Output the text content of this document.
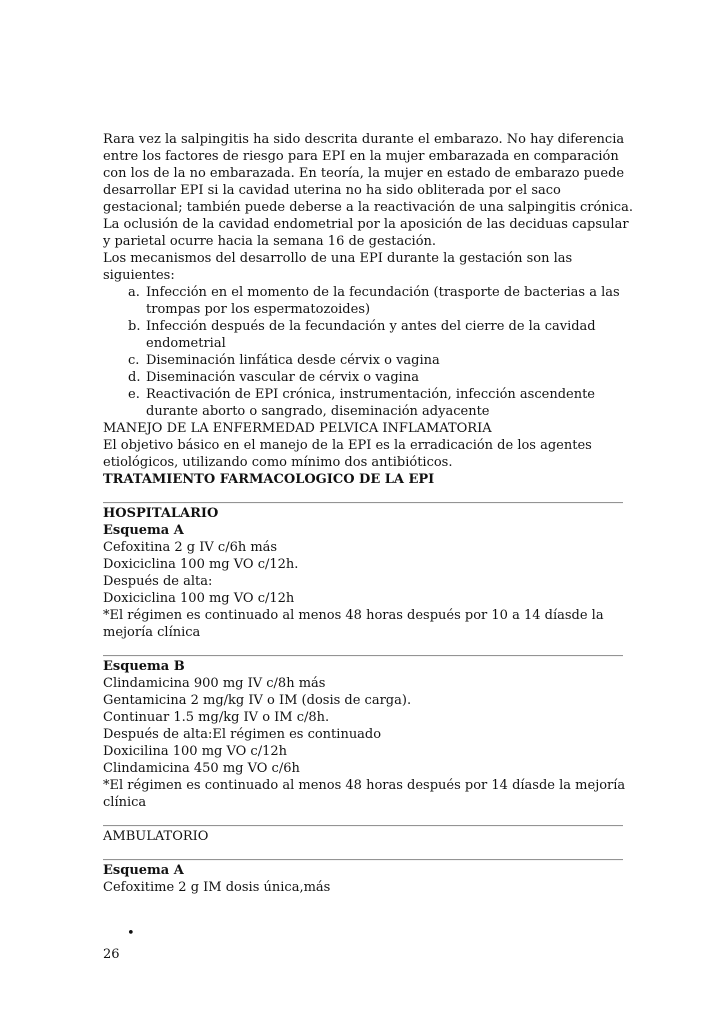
Rara vez la salpingitis ha sido descrita durante el embarazo. No hay diferencia entre los factores de riesgo para EPI en la mujer embarazada en comparación con los de la no embarazada. En teoría, la mujer en estado de embarazo puede desarrollar EPI si la cavidad uterina no ha sido obliterada por el saco gestacional; también puede deberse a la reactivación de una salpingitis crónica. La oclusión de la cavidad endometrial por la aposición de las deciduas capsular y parietal ocurre hacia la semana 16 de gestación.

Los mecanismos del desarrollo de una EPI durante la gestación son las siguientes:

a. Infección en el momento de la fecundación (trasporte de bacterias a las trompas por los espermatozoides)
b. Infección después de la fecundación y antes del cierre de la cavidad endometrial
c. Diseminación linfática desde cérvix o vagina
d. Diseminación vascular de cérvix o vagina
e. Reactivación de EPI crónica, instrumentación, infección ascendente durante aborto o sangrado, diseminación adyacente

MANEJO DE LA ENFERMEDAD PELVICA INFLAMATORIA

El objetivo básico en el manejo de la EPI es la erradicación de los agentes etiológicos, utilizando como mínimo dos antibióticos.

TRATAMIENTO FARMACOLOGICO DE LA EPI

________________________________________________________________________________

HOSPITALARIO

Esquema A

Cefoxitina 2 g IV c/6h más

Doxiciclina 100 mg VO c/12h.

Después de alta:

Doxiciclina 100 mg VO c/12h

*El régimen es continuado al menos 48 horas después por 10 a 14 díasde la mejoría clínica

________________________________________________________________________________

Esquema B

Clindamicina 900 mg IV c/8h más

Gentamicina 2 mg/kg IV o IM (dosis de carga).

Continuar 1.5 mg/kg IV o IM c/8h.

Después de alta:El régimen es continuado

Doxicilina 100 mg VO c/12h

Clindamicina 450 mg VO c/6h

*El régimen es continuado al menos 48 horas después por 14 díasde la mejoría clínica

________________________________________________________________________________

AMBULATORIO

________________________________________________________________________________

Esquema A

Cefoxitime 2 g IM dosis única,más

•
26
